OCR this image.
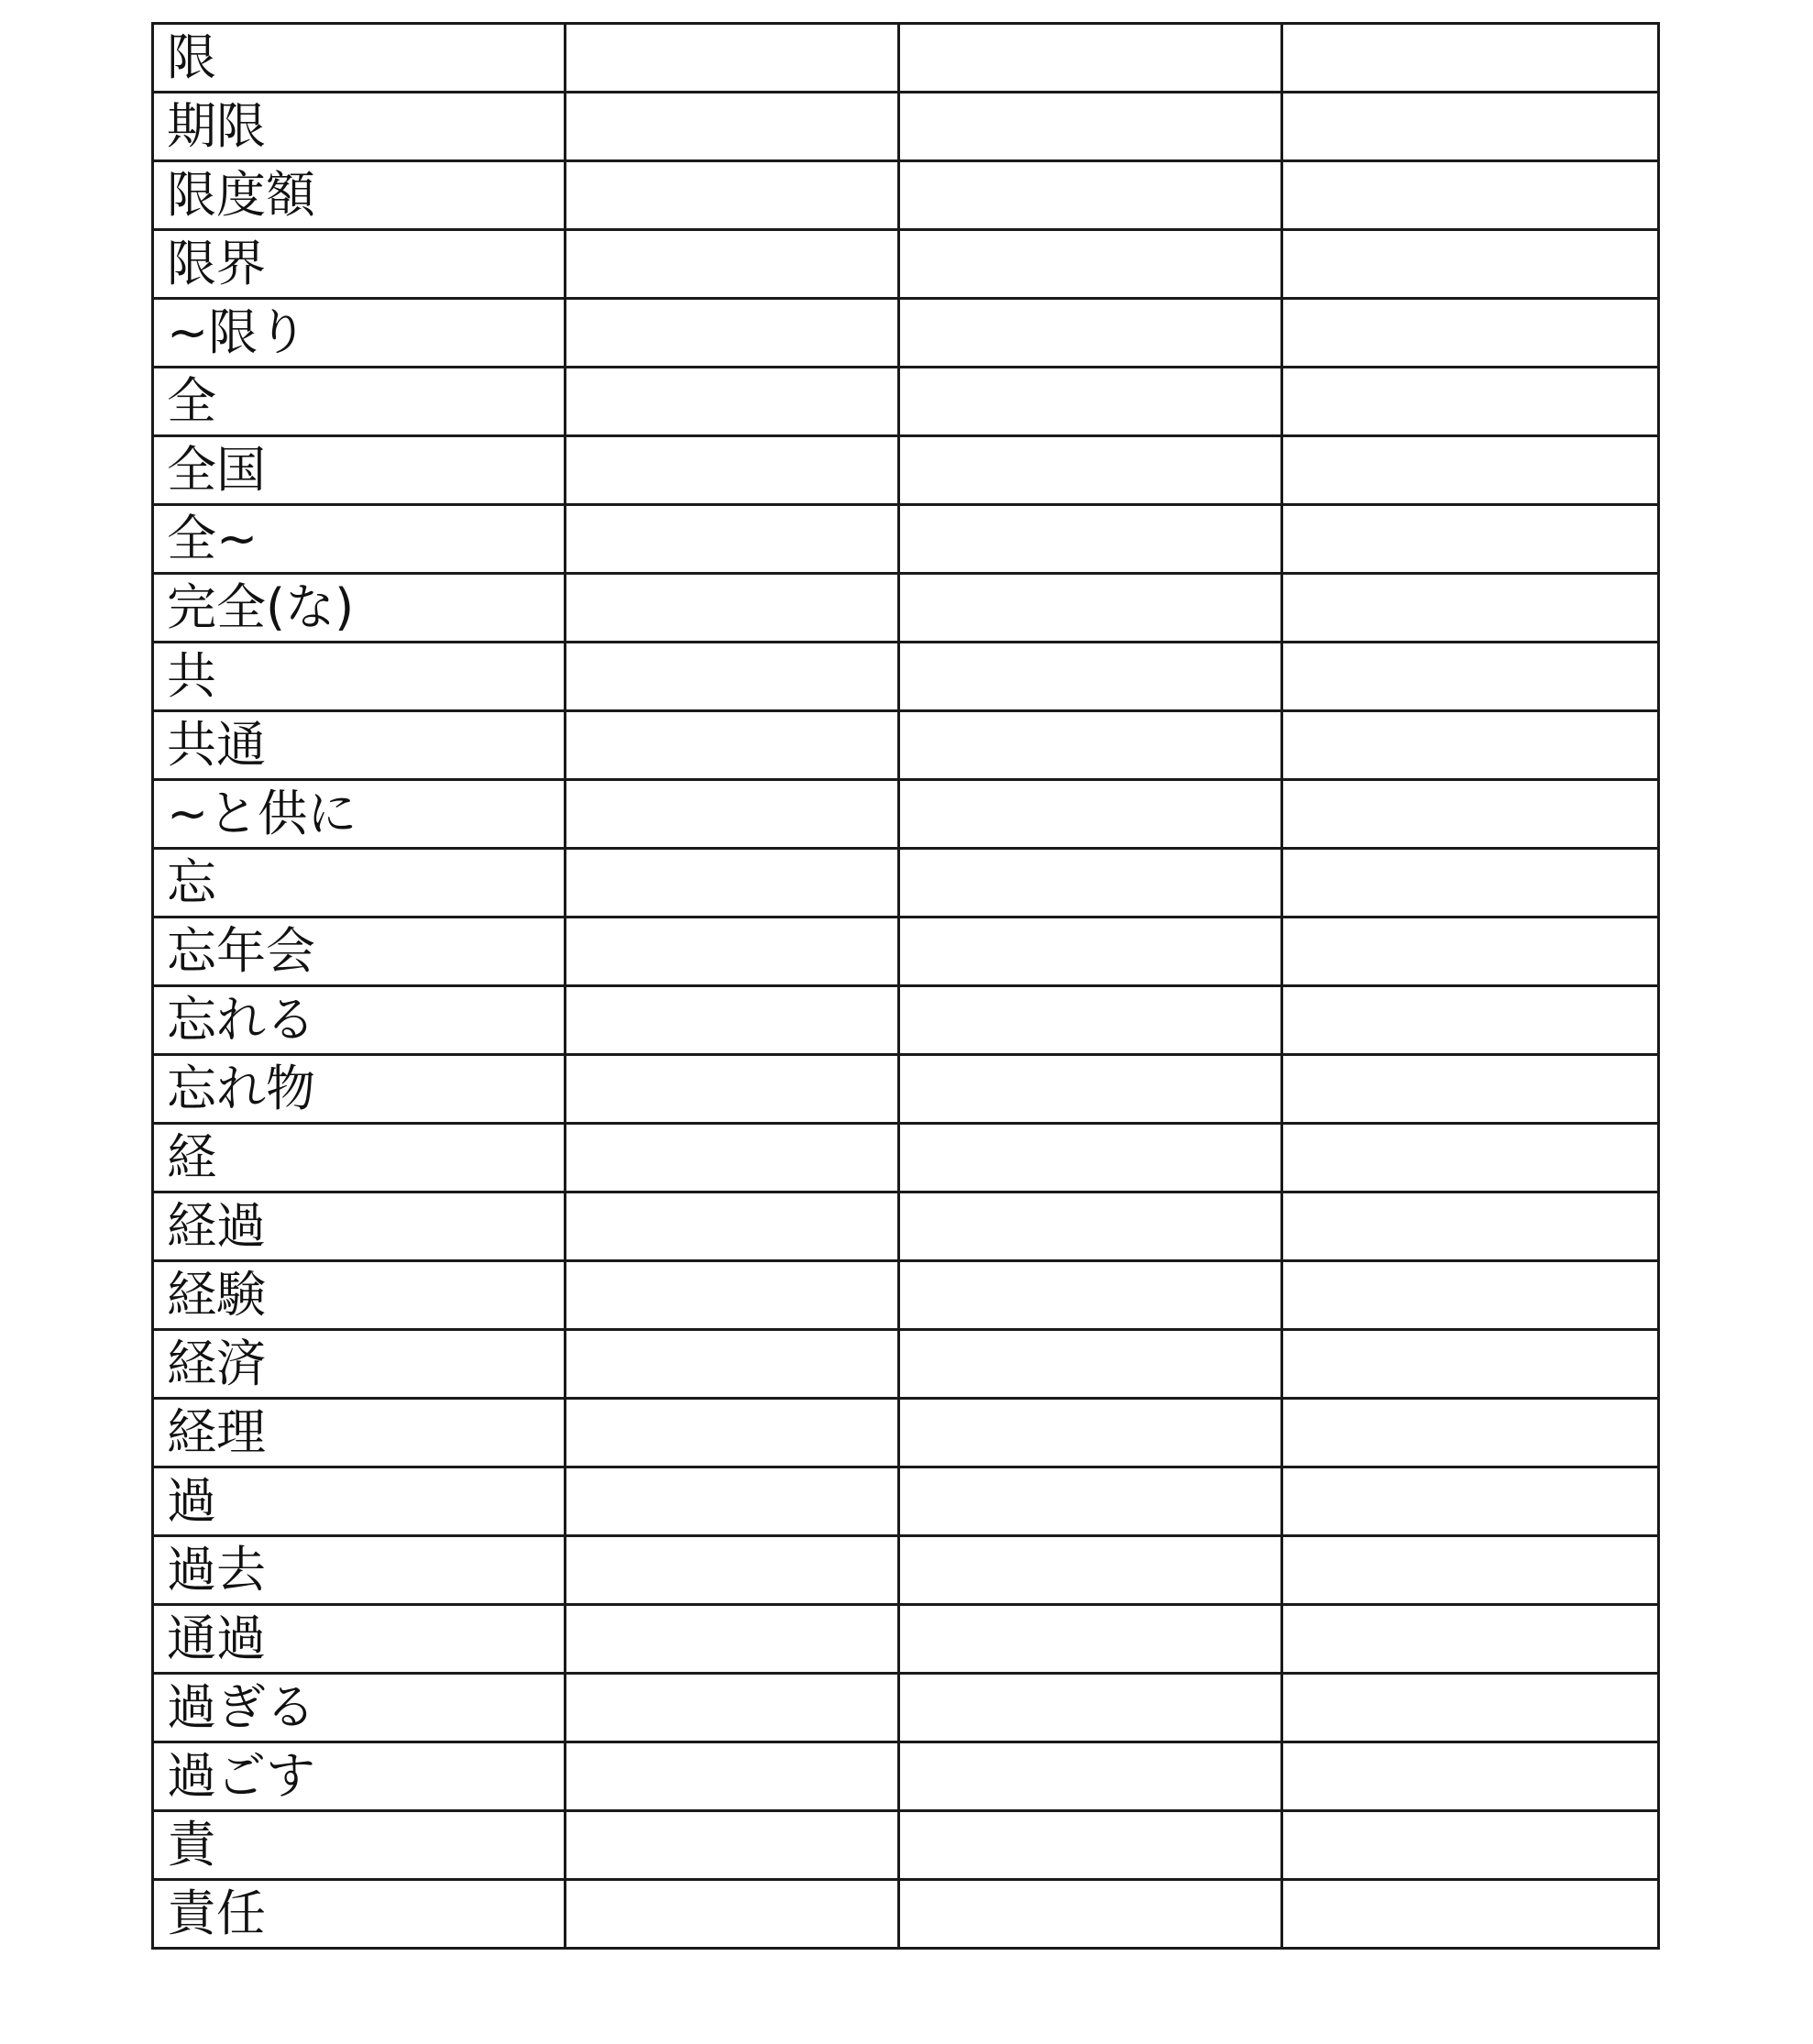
限			
期限			
限度額			
限界			
~限り			
全			
全国			
全~			
完全(な)			
共			
共通			
~と供に			
忘			
忘年会			
忘れる			
忘れ物			
経			
経過			
経験			
経済			
経理			
過			
過去			
通過			
過ぎる			
過ごす			
責			
責任			
